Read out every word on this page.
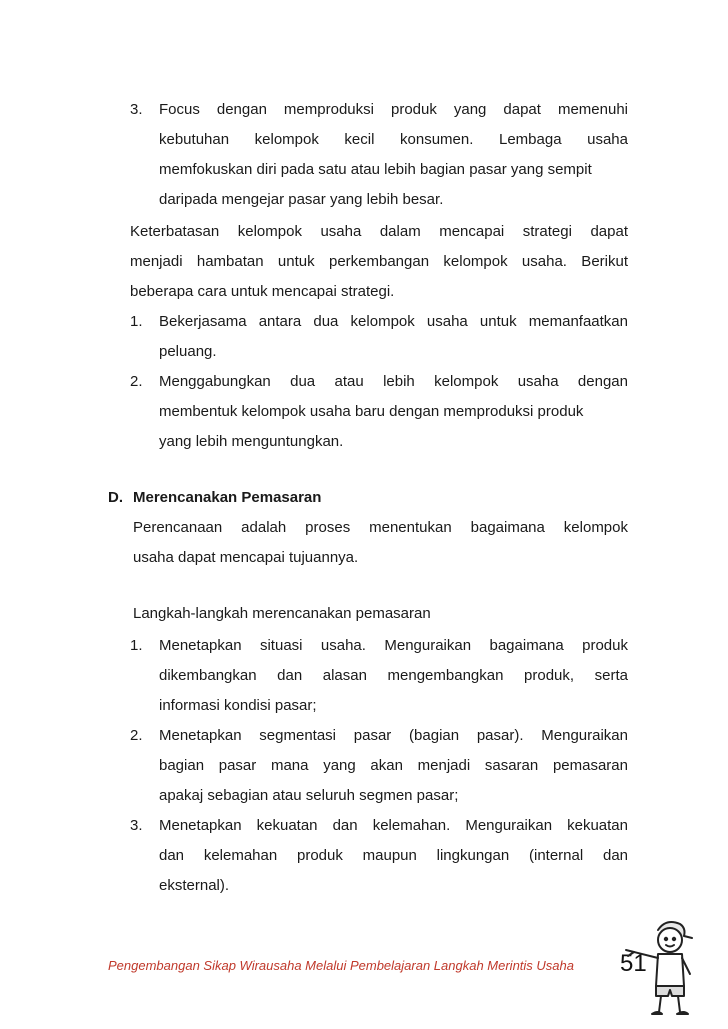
3. Focus dengan memproduksi produk yang dapat memenuhi
kebutuhan kelompok kecil konsumen. Lembaga usaha
memfokuskan diri pada satu atau lebih bagian pasar yang sempit
daripada mengejar pasar yang lebih besar.
Keterbatasan kelompok usaha dalam mencapai strategi dapat
menjadi hambatan untuk perkembangan kelompok usaha. Berikut
beberapa cara untuk mencapai strategi.
1. Bekerjasama antara dua kelompok usaha untuk memanfaatkan
peluang.
2. Menggabungkan dua atau lebih kelompok usaha dengan
membentuk kelompok usaha baru dengan memproduksi produk
yang lebih menguntungkan.
D. Merencanakan Pemasaran
Perencanaan adalah proses menentukan bagaimana kelompok
usaha dapat mencapai tujuannya.
Langkah-langkah merencanakan pemasaran
1. Menetapkan situasi usaha. Menguraikan bagaimana produk
dikembangkan dan alasan mengembangkan produk, serta
informasi kondisi pasar;
2. Menetapkan segmentasi pasar (bagian pasar). Menguraikan
bagian pasar mana yang akan menjadi sasaran pemasaran
apakaj sebagian atau seluruh segmen pasar;
3. Menetapkan kekuatan dan kelemahan. Menguraikan kekuatan
dan kelemahan produk maupun lingkungan (internal dan
eksternal).
Pengembangan Sikap Wirausaha Melalui Pembelajaran Langkah Merintis Usaha 51
